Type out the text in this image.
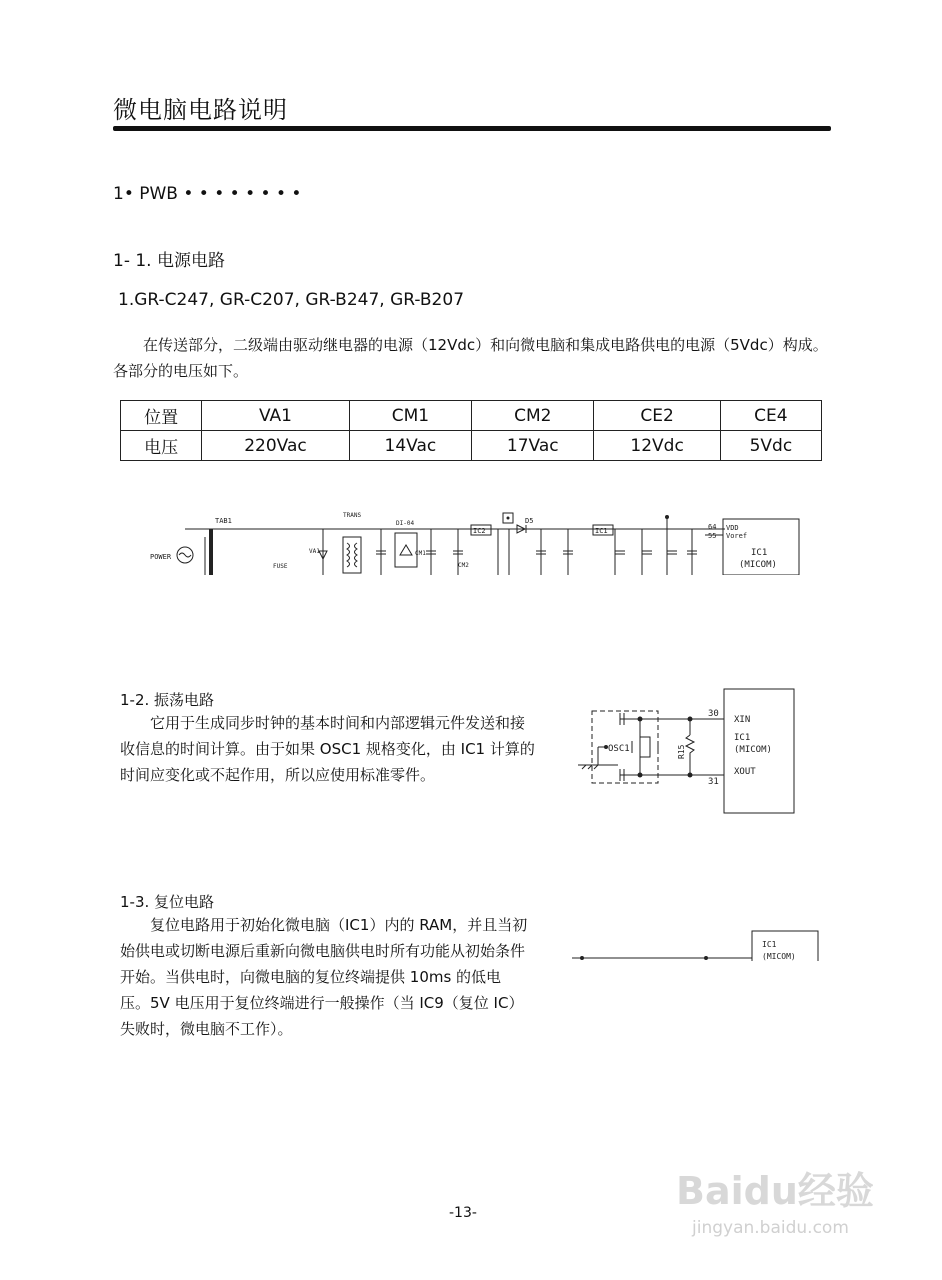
微电脑电路说明
1• PWB • • • • • • • •
1- 1. 电源电路
1.GR-C247, GR-C207, GR-B247, GR-B207
在传送部分，二级端由驱动继电器的电源（12Vdc）和向微电脑和集成电路供电的电源（5Vdc）构成。各部分的电压如下。
位置	VA1	CM1	CM2	CE2	CE4
电压	220Vac	14Vac	17Vac	12Vdc	5Vdc
TAB1
POWER
TRANS
VA1
FUSE
DI-04
CM1
CM2
IC2	IC1
D5
64
55
VDD
Voref
IC1
(MICOM)
1-2. 振荡电路
它用于生成同步时钟的基本时间和内部逻辑元件发送和接收信息的时间计算。由于如果 OSC1 规格变化，由 IC1 计算的时间应变化或不起作用，所以应使用标准零件。
OSC1	R15
30
31
XIN
IC1
(MICOM)
XOUT
1-3. 复位电路
复位电路用于初始化微电脑（IC1）内的 RAM，并且当初始供电或切断电源后重新向微电脑供电时所有功能从初始条件开始。当供电时，向微电脑的复位终端提供 10ms 的低电压。5V 电压用于复位终端进行一般操作（当 IC9（复位 IC）失败时，微电脑不工作）。
IC1
(MICOM)
-13-	Baidu经验
jingyan.baidu.com
